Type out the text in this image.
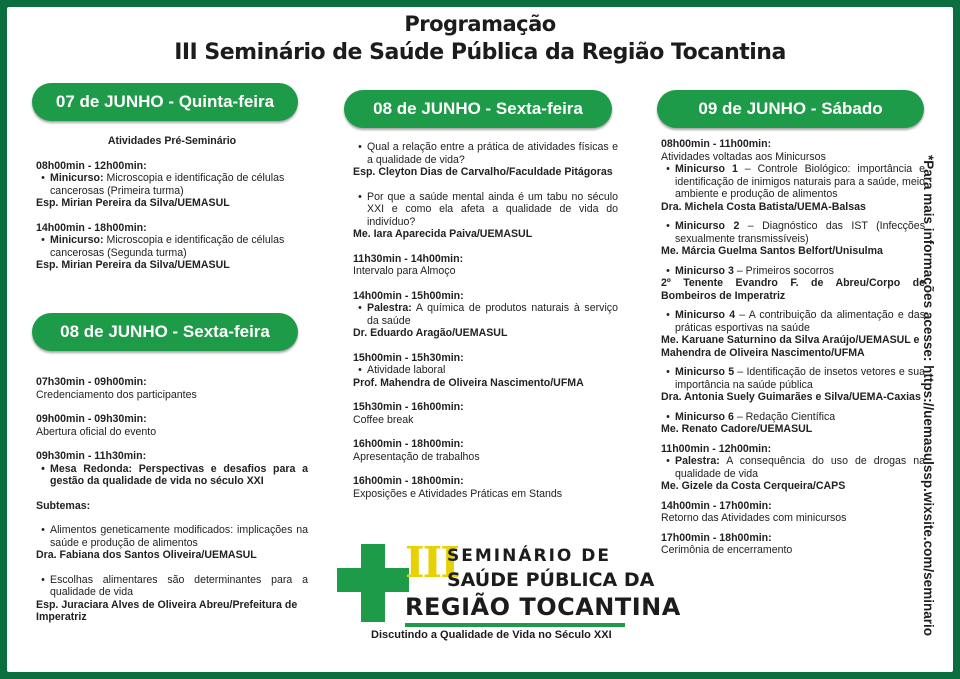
Programação
III Seminário de Saúde Pública da Região Tocantina
07 de JUNHO - Quinta-feira
Atividades Pré-Seminário
08h00min - 12h00min:
• Minicurso: Microscopia e identificação de células cancerosas (Primeira turma)
Esp. Mirian Pereira da Silva/UEMASUL
14h00min - 18h00min:
• Minicurso: Microscopia e identificação de células cancerosas (Segunda turma)
Esp. Mirian Pereira da Silva/UEMASUL
08 de JUNHO - Sexta-feira
07h30min - 09h00min:
Credenciamento dos participantes
09h00min - 09h30min:
Abertura oficial do evento
09h30min - 11h30min:
• Mesa Redonda: Perspectivas e desafios para a gestão da qualidade de vida no século XXI
Subtemas:
• Alimentos geneticamente modificados: implicações na saúde e produção de alimentos
Dra. Fabiana dos Santos Oliveira/UEMASUL
• Escolhas alimentares são determinantes para a qualidade de vida
Esp. Juraciara Alves de Oliveira Abreu/Prefeitura de Imperatriz
08 de JUNHO - Sexta-feira
• Qual a relação entre a prática de atividades físicas e a qualidade de vida?
Esp. Cleyton Dias de Carvalho/Faculdade Pitágoras
• Por que a saúde mental ainda é um tabu no século XXI e como ela afeta a qualidade de vida do indivíduo?
Me. Iara Aparecida Paiva/UEMASUL
11h30min - 14h00min:
Intervalo para Almoço
14h00min - 15h00min:
• Palestra: A química de produtos naturais à serviço da saúde
Dr. Eduardo Aragão/UEMASUL
15h00min - 15h30min:
• Atividade laboral
Prof. Mahendra de Oliveira Nascimento/UFMA
15h30min - 16h00min:
Coffee break
16h00min - 18h00min:
Apresentação de trabalhos
16h00min - 18h00min:
Exposições e Atividades Práticas em Stands
III
SEMINÁRIO DE
SAÚDE PÚBLICA DA
REGIÃO TOCANTINA
Discutindo a Qualidade de Vida no Século XXI
09 de JUNHO - Sábado
08h00min - 11h00min:
Atividades voltadas aos Minicursos
• Minicurso 1 – Controle Biológico: importância e identificação de inimigos naturais para a saúde, meio ambiente e produção de alimentos
Dra. Michela Costa Batista/UEMA-Balsas
• Minicurso 2 – Diagnóstico das IST (Infecções sexualmente transmissíveis)
Me. Márcia Guelma Santos Belfort/Unisulma
• Minicurso 3 – Primeiros socorros
2º Tenente Evandro F. de Abreu/Corpo de Bombeiros de Imperatriz
• Minicurso 4 – A contribuição da alimentação e das práticas esportivas na saúde
Me. Karuane Saturnino da Silva Araújo/UEMASUL e Mahendra de Oliveira Nascimento/UFMA
• Minicurso 5 – Identificação de insetos vetores e sua importância na saúde pública
Dra. Antonia Suely Guimarães e Silva/UEMA-Caxias
• Minicurso 6 – Redação Científica
Me. Renato Cadore/UEMASUL
11h00min - 12h00min:
• Palestra: A consequência do uso de drogas na qualidade de vida
Me. Gizele da Costa Cerqueira/CAPS
14h00min - 17h00min:
Retorno das Atividades com minicursos
17h00min - 18h00min:
Cerimônia de encerramento	*Para mais informações acesse: https://uemasulssp.wixsite.com/seminario
